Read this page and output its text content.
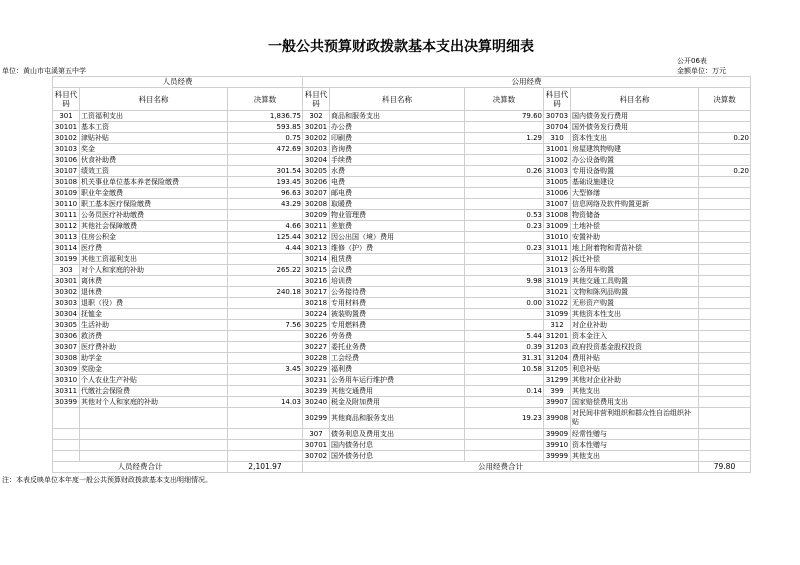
一般公共预算财政拨款基本支出决算明细表
公开06表
单位：黄山市屯溪第五中学	金额单位：万元
人员经费			公用经费					
科目代码	科目名称	决算数	科目代码	科目名称	决算数	科目代码	科目名称	决算数
301	工资福利支出	1,836.75	302	商品和服务支出	79.60	30703	国内债务发行费用	
30101	基本工资	593.85	30201	办公费		30704	国外债务发行费用	
30102	津贴补贴	0.75	30202	印刷费	1.29	310	资本性支出	0.20
30103	奖金	472.69	30203	咨询费		31001	房屋建筑物购建	
30106	伙食补助费		30204	手续费		31002	办公设备购置	
30107	绩效工资	301.54	30205	水费	0.26	31003	专用设备购置	0.20
30108	机关事业单位基本养老保险缴费	193.45	30206	电费		31005	基础设施建设	
30109	职业年金缴费	96.63	30207	邮电费		31006	大型修缮	
30110	职工基本医疗保险缴费	43.29	30208	取暖费		31007	信息网络及软件购置更新	
30111	公务员医疗补助缴费		30209	物业管理费	0.53	31008	物资储备	
30112	其他社会保障缴费	4.66	30211	差旅费	0.23	31009	土地补偿	
30113	住房公积金	125.44	30212	因公出国（境）费用		31010	安置补助	
30114	医疗费	4.44	30213	维修（护）费	0.23	31011	地上附着物和青苗补偿	
30199	其他工资福利支出		30214	租赁费		31012	拆迁补偿	
303	对个人和家庭的补助	265.22	30215	会议费		31013	公务用车购置	
30301	离休费		30216	培训费	9.98	31019	其他交通工具购置	
30302	退休费	240.18	30217	公务接待费		31021	文物和陈列品购置	
30303	退职（役）费		30218	专用材料费	0.00	31022	无形资产购置	
30304	抚恤金		30224	被装购置费		31099	其他资本性支出	
30305	生活补助	7.56	30225	专用燃料费		312	对企业补助	
30306	救济费		30226	劳务费	5.44	31201	资本金注入	
30307	医疗费补助		30227	委托业务费	0.39	31203	政府投资基金股权投资	
30308	助学金		30228	工会经费	31.31	31204	费用补贴	
30309	奖励金	3.45	30229	福利费	10.58	31205	利息补贴	
30310	个人农业生产补贴		30231	公务用车运行维护费		31299	其他对企业补助	
30311	代缴社会保险费		30239	其他交通费用	0.14	399	其他支出	
30399	其他对个人和家庭的补助	14.03	30240	税金及附加费用		39907	国家赔偿费用支出	
			30299	其他商品和服务支出	19.23	39908	对民间非营利组织和群众性自治组织补贴	
			307	债务利息及费用支出		39909	经常性赠与	
			30701	国内债务付息		39910	资本性赠与	
			30702	国外债务付息		39999	其他支出	
人员经费合计		2,101.97	公用经费合计					79.80
注：本表反映单位本年度一般公共预算财政拨款基本支出明细情况。
